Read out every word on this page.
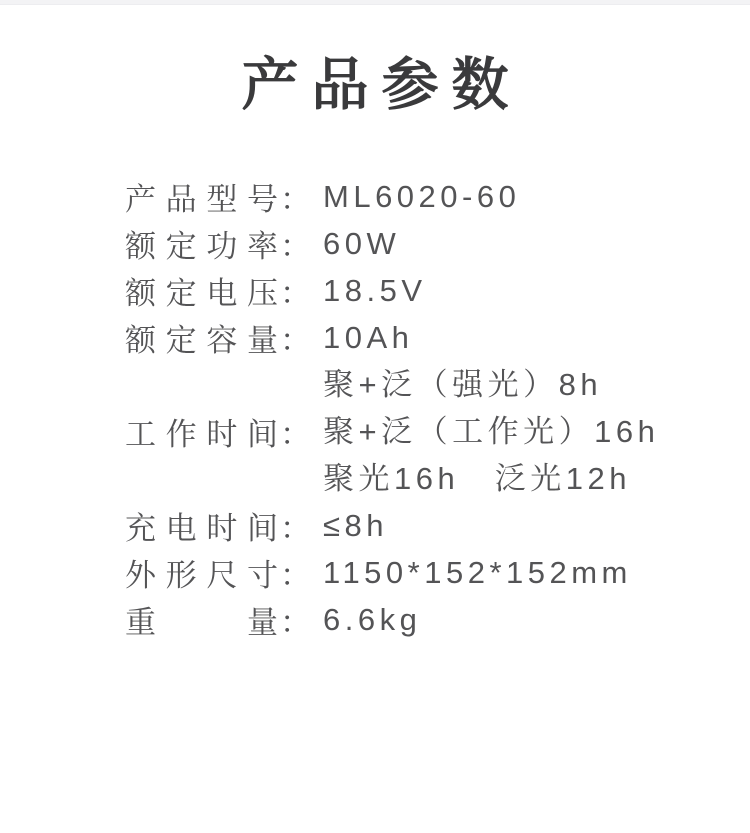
产品参数
产 品 型 号 ： ML6020-60
额 定 功 率 ： 60W
额 定 电 压 ： 18.5V
额 定 容 量 ： 10Ah
工 作 时 间 ：
聚+泛（强光）8h
聚+泛（工作光）16h
聚光16h　泛光12h
充 电 时 间 ： ≤8h
外 形 尺 寸 ： 1150*152*152mm
重	量 ： 6.6kg
